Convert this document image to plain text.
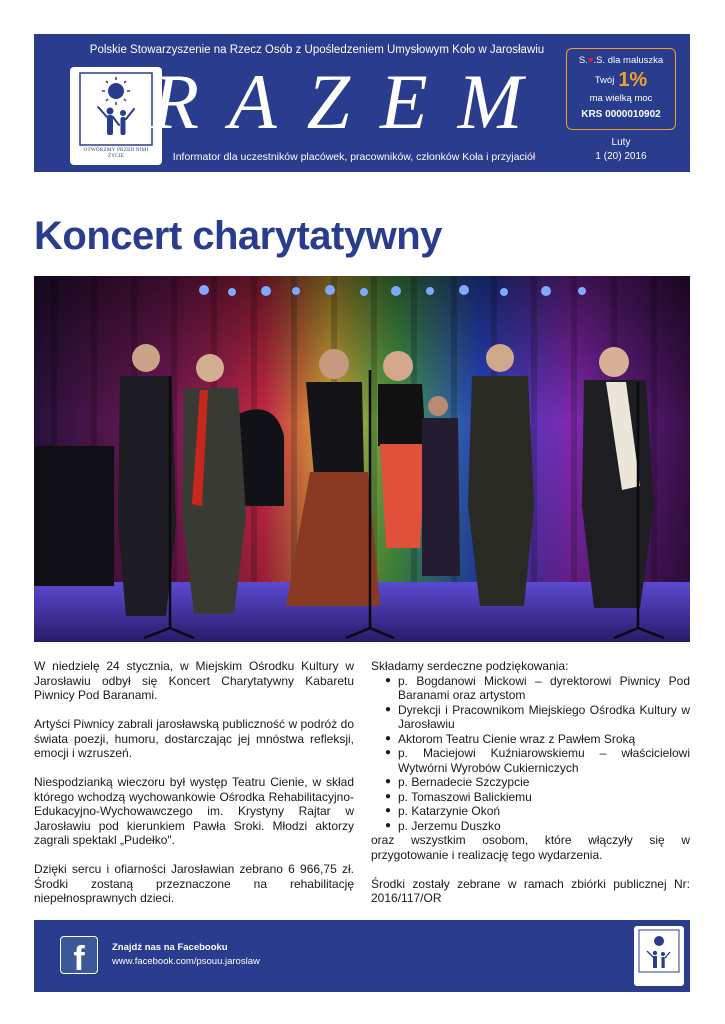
Polskie Stowarzyszenie na Rzecz Osób z Upośledzeniem Umysłowym Koło w Jarosławiu
OTWÓRZMY PRZED NIMI ŻYCIE
RAZEM
Informator dla uczestników placówek, pracowników, członków Koła i przyjaciół
S.♥.S. dla maluszka
Twój 1%
ma wielką moc
KRS 0000010902
Luty
1 (20) 2016
Koncert charytatywny

W niedzielę 24 stycznia, w Miejskim Ośrodku Kultury w Jarosławiu odbył się Koncert Charytatywny Kabaretu Piwnicy Pod Baranami.

Artyści Piwnicy zabrali jarosławską publiczność w podróż do świata poezji, humoru, dostarczając jej mnóstwa refleksji, emocji i wzruszeń.

Niespodzianką wieczoru był występ Teatru Cienie, w skład którego wchodzą wychowankowie Ośrodka Rehabilitacyjno-Edukacyjno-Wychowawczego im. Krystyny Rajtar w Jarosławiu pod kierunkiem Pawła Sroki. Młodzi aktorzy zagrali spektakl „Pudełko".

Dzięki sercu i ofiarności Jarosławian zebrano 6 966,75 zł. Środki zostaną przeznaczone na rehabilitację niepełnosprawnych dzieci.

Składamy serdeczne podziękowania:
● p. Bogdanowi Mickowi – dyrektorowi Piwnicy Pod Baranami oraz artystom
● Dyrekcji i Pracownikom Miejskiego Ośrodka Kultury w Jarosławiu
● Aktorom Teatru Cienie wraz z Pawłem Sroką
● p. Maciejowi Kuźniarowskiemu – właścicielowi Wytwórni Wyrobów Cukierniczych
● p. Bernadecie Szczypcie
● p. Tomaszowi Balickiemu
● p. Katarzynie Okoń
● p. Jerzemu Duszko

oraz wszystkim osobom, które włączyły się w przygotowanie i realizację tego wydarzenia.

Środki zostały zebrane w ramach zbiórki publicznej Nr: 2016/117/OR

f	Znajdź nas na Facebooku
www.facebook.com/psouu.jaroslaw
